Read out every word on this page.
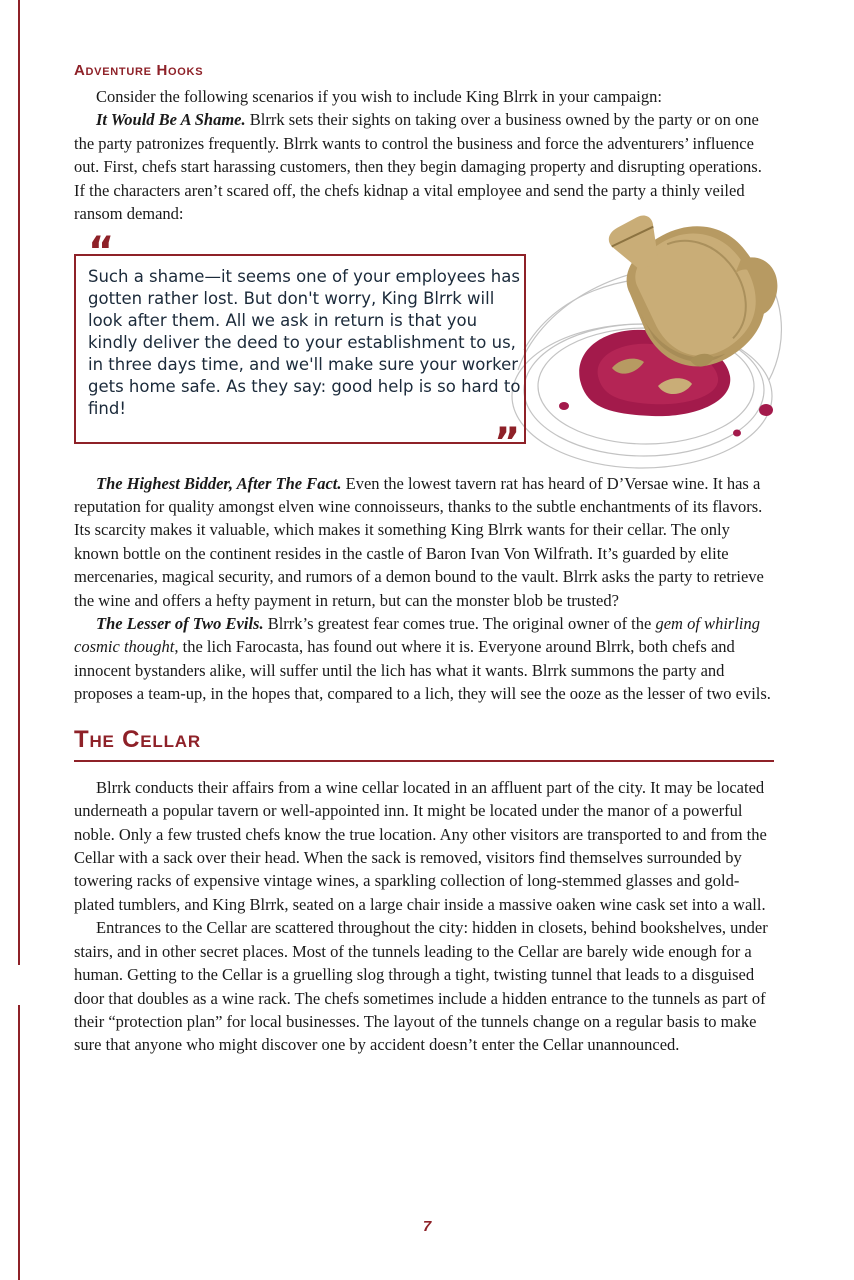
Adventure Hooks

Consider the following scenarios if you wish to include King Blrrk in your campaign:

It Would Be A Shame. Blrrk sets their sights on taking over a business owned by the party or on one the party patronizes frequently. Blrrk wants to control the business and force the adventurers’ influence out. First, chefs start harassing customers, then they begin damaging property and disrupting operations. If the characters aren’t scared off, the chefs kidnap a vital employee and send the party a thinly veiled ransom demand:

“
Such a shame—it seems one of your employees has gotten rather lost. But don't worry, King Blrrk will look after them. All we ask in return is that you kindly deliver the deed to your establishment to us, in three days time, and we'll make sure your worker gets home safe. As they say: good help is so hard to find!
”

The Highest Bidder, After The Fact. Even the lowest tavern rat has heard of D’Versae wine. It has a reputation for quality amongst elven wine connoisseurs, thanks to the subtle enchantments of its flavors. Its scarcity makes it valuable, which makes it something King Blrrk wants for their cellar. The only known bottle on the continent resides in the castle of Baron Ivan Von Wilfrath. It’s guarded by elite mercenaries, magical security, and rumors of a demon bound to the vault. Blrrk asks the party to retrieve the wine and offers a hefty payment in return, but can the monster blob be trusted?

The Lesser of Two Evils. Blrrk’s greatest fear comes true. The original owner of the gem of whirling cosmic thought, the lich Farocasta, has found out where it is. Everyone around Blrrk, both chefs and innocent bystanders alike, will suffer until the lich has what it wants. Blrrk summons the party and proposes a team-up, in the hopes that, compared to a lich, they will see the ooze as the lesser of two evils.

The Cellar

Blrrk conducts their affairs from a wine cellar located in an affluent part of the city. It may be located underneath a popular tavern or well-appointed inn. It might be located under the manor of a powerful noble. Only a few trusted chefs know the true location. Any other visitors are transported to and from the Cellar with a sack over their head. When the sack is removed, visitors find themselves surrounded by towering racks of expensive vintage wines, a sparkling collection of long-stemmed glasses and gold-plated tumblers, and King Blrrk, seated on a large chair inside a massive oaken wine cask set into a wall.

Entrances to the Cellar are scattered throughout the city: hidden in closets, behind bookshelves, under stairs, and in other secret places. Most of the tunnels leading to the Cellar are barely wide enough for a human. Getting to the Cellar is a gruelling slog through a tight, twisting tunnel that leads to a disguised door that doubles as a wine rack. The chefs sometimes include a hidden entrance to the tunnels as part of their “protection plan” for local businesses. The layout of the tunnels change on a regular basis to make sure that anyone who might discover one by accident doesn’t enter the Cellar unannounced.

7
